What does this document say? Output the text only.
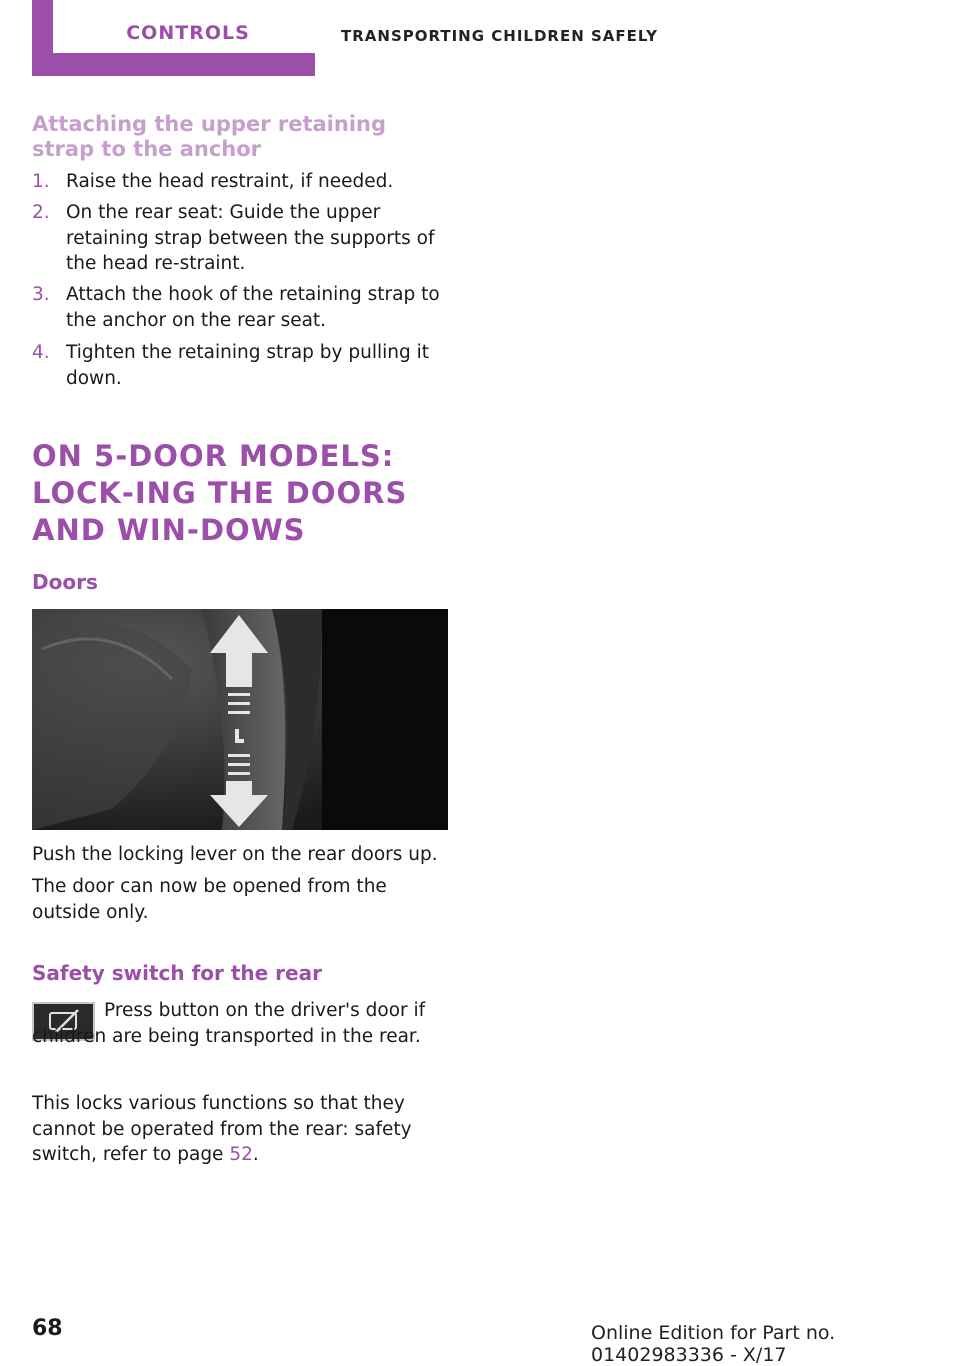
CONTROLS	TRANSPORTING CHILDREN SAFELY
Attaching the upper retaining strap to the anchor
1. Raise the head restraint, if needed.
2. On the rear seat: Guide the upper retaining strap between the supports of the head re‐straint.
3. Attach the hook of the retaining strap to the anchor on the rear seat.
4. Tighten the retaining strap by pulling it down.
ON 5-DOOR MODELS: LOCK‐ING THE DOORS AND WIN‐DOWS
Doors
Push the locking lever on the rear doors up.
The door can now be opened from the outside only.
Safety switch for the rear
Press button on the driver's door if children are being transported in the rear.
This locks various functions so that they cannot be operated from the rear: safety switch, refer to page 52.
68	Online Edition for Part no. 01402983336 - X/17
